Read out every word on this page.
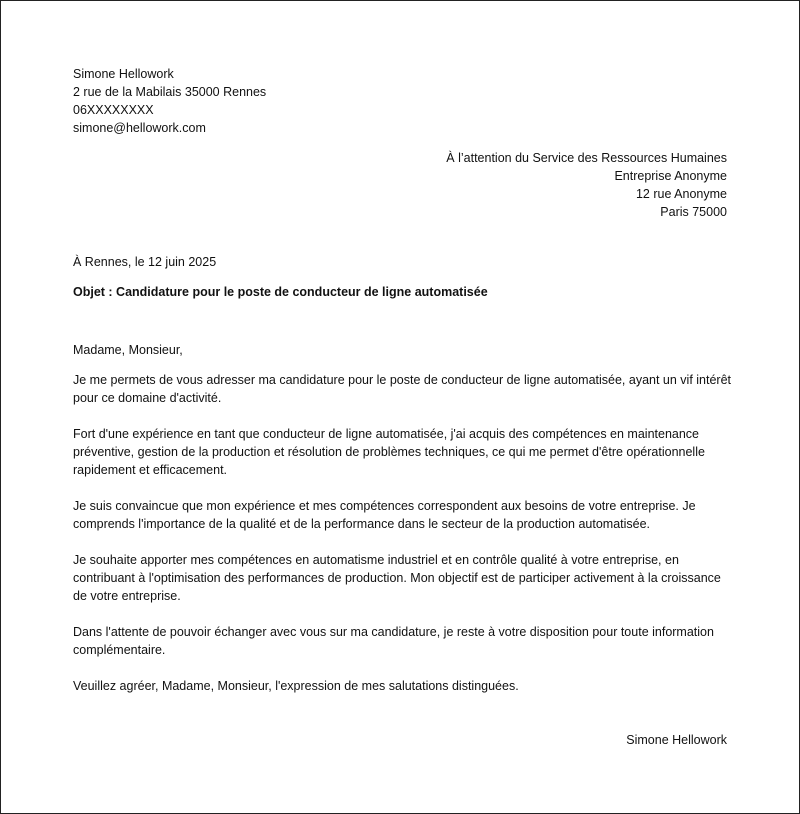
Simone Hellowork
2 rue de la Mabilais 35000 Rennes
06XXXXXXXX
simone@hellowork.com
À l’attention du Service des Ressources Humaines
Entreprise Anonyme
12 rue Anonyme
Paris 75000
À Rennes, le 12 juin 2025
Objet : Candidature pour le poste de conducteur de ligne automatisée

Madame, Monsieur,

Je me permets de vous adresser ma candidature pour le poste de conducteur de ligne automatisée, ayant un vif intérêt pour ce domaine d'activité.

Fort d'une expérience en tant que conducteur de ligne automatisée, j'ai acquis des compétences en maintenance préventive, gestion de la production et résolution de problèmes techniques, ce qui me permet d'être opérationnelle rapidement et efficacement.

Je suis convaincue que mon expérience et mes compétences correspondent aux besoins de votre entreprise. Je comprends l'importance de la qualité et de la performance dans le secteur de la production automatisée.

Je souhaite apporter mes compétences en automatisme industriel et en contrôle qualité à votre entreprise, en contribuant à l'optimisation des performances de production. Mon objectif est de participer activement à la croissance de votre entreprise.

Dans l'attente de pouvoir échanger avec vous sur ma candidature, je reste à votre disposition pour toute information complémentaire.

Veuillez agréer, Madame, Monsieur, l'expression de mes salutations distinguées.

Simone Hellowork
